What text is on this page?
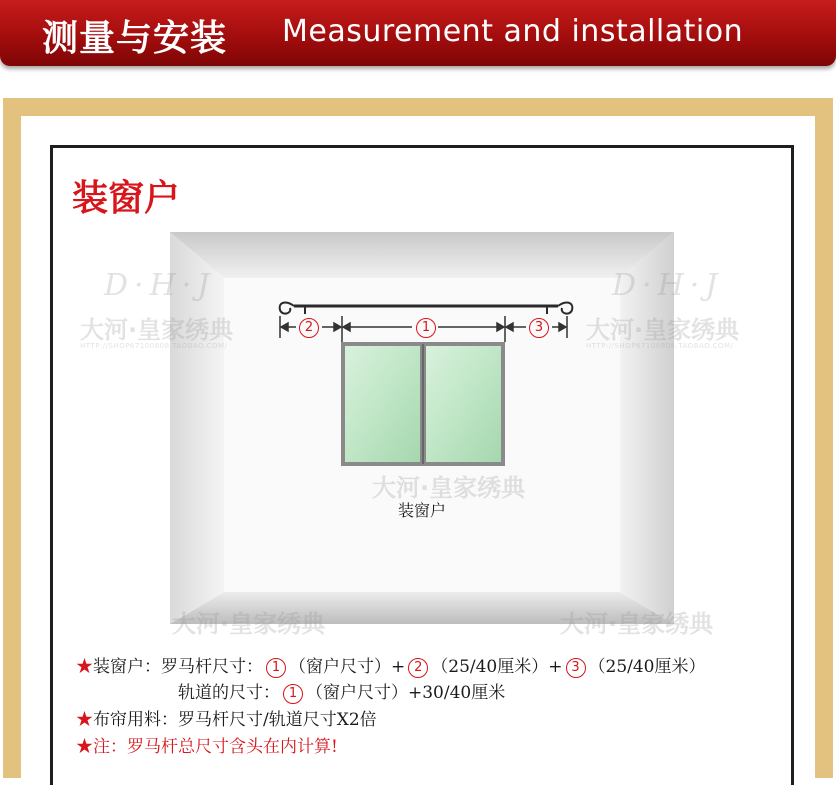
测量与安装 Measurement and installation
装窗户
D·H·J
大河·皇家绣典
HTTP://SHOP67100808.TAOBAO.COM/
D·H·J
大河·皇家绣典
HTTP://SHOP67100808.TAOBAO.COM/
大河·皇家绣典
大河·皇家绣典	大河·皇家绣典
2	1	3
装窗户
★装窗户：罗马杆尺寸： 1 （窗户尺寸）+ 2 （25/40厘米）+ 3 （25/40厘米）
轨道的尺寸： 1 （窗户尺寸）+30/40厘米
★布帘用料：罗马杆尺寸/轨道尺寸X2倍
★注：罗马杆总尺寸含头在内计算!
